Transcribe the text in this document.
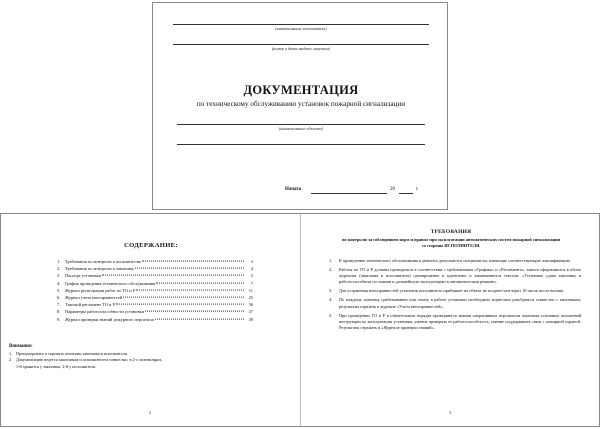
(наименование исполнителя)
(номер и дата выдачи лицензии)
ДОКУМЕНТАЦИЯ
по техническому обслуживанию установок пожарной сигнализации
(наименование объекта)
Начато	20	г.
СОДЕРЖАНИЕ:
1.	Требования по контролю к исполнителю	3
2.	Требования по контролю к заказчику	4
3.	Паспорт установки	5
4.	График проведения технического обслуживания	7
5.	Журнал регистрации работ по ТО и Р	11
6.	Журнал учета неисправностей	25
7.	Типовой регламент ТО и Р	36
8.	Параметры работоспособности установки	37
9.	Журнал проверки знаний дежурного персонала	39
Внимание:
1. Пронумеровать и скрепить печатями заказчика и исполнителя.
2. Документацию ведется заказчиком и исполнителем совместно, в 2-х экземплярах,
1-й хранится у заказчика, 2-й у исполнителя.
2
ТРЕБОВАНИЯ
по контролю за соблюдением норм и правил при эксплуатации автоматических систем пожарной сигнализации со стороны ИСПОЛНИТЕЛЯ.
1.	К проведению технического обслуживания и ремонта допускаются специалисты, имеющие соответствующую квалификацию.
2.	Работы по ТО и Р должны проводиться в соответствии с требованиями «Графика» и «Регламента», записи оформляются в обоих журналах (заказчика и исполнителя) одновременно и идентично и заканчиваются текстом: «Установка сдана заказчику в работоспособном состоянии и дальнейшую эксплуатацию в автоматическом режиме».
3.	Для устранения неисправностей установок исполнитель прибывает на объект не позднее чем через 18 часов после вызова.
4.	По каждому ложному срабатыванию или отказу в работе установки необходимо тщательно разобраться совместно с заказчиком, результаты отразить в журнале «Учета неисправностей».
5.	При проведении ТО и Р в обязательном порядке проверяются знания оперативным персоналом заказчика основных положений инструкции по эксплуатации установки, умение проверять ее работоспособность, умение поддерживать связь с пожарной охраной. Результаты отражать в «Журнале проверки знаний».
3
